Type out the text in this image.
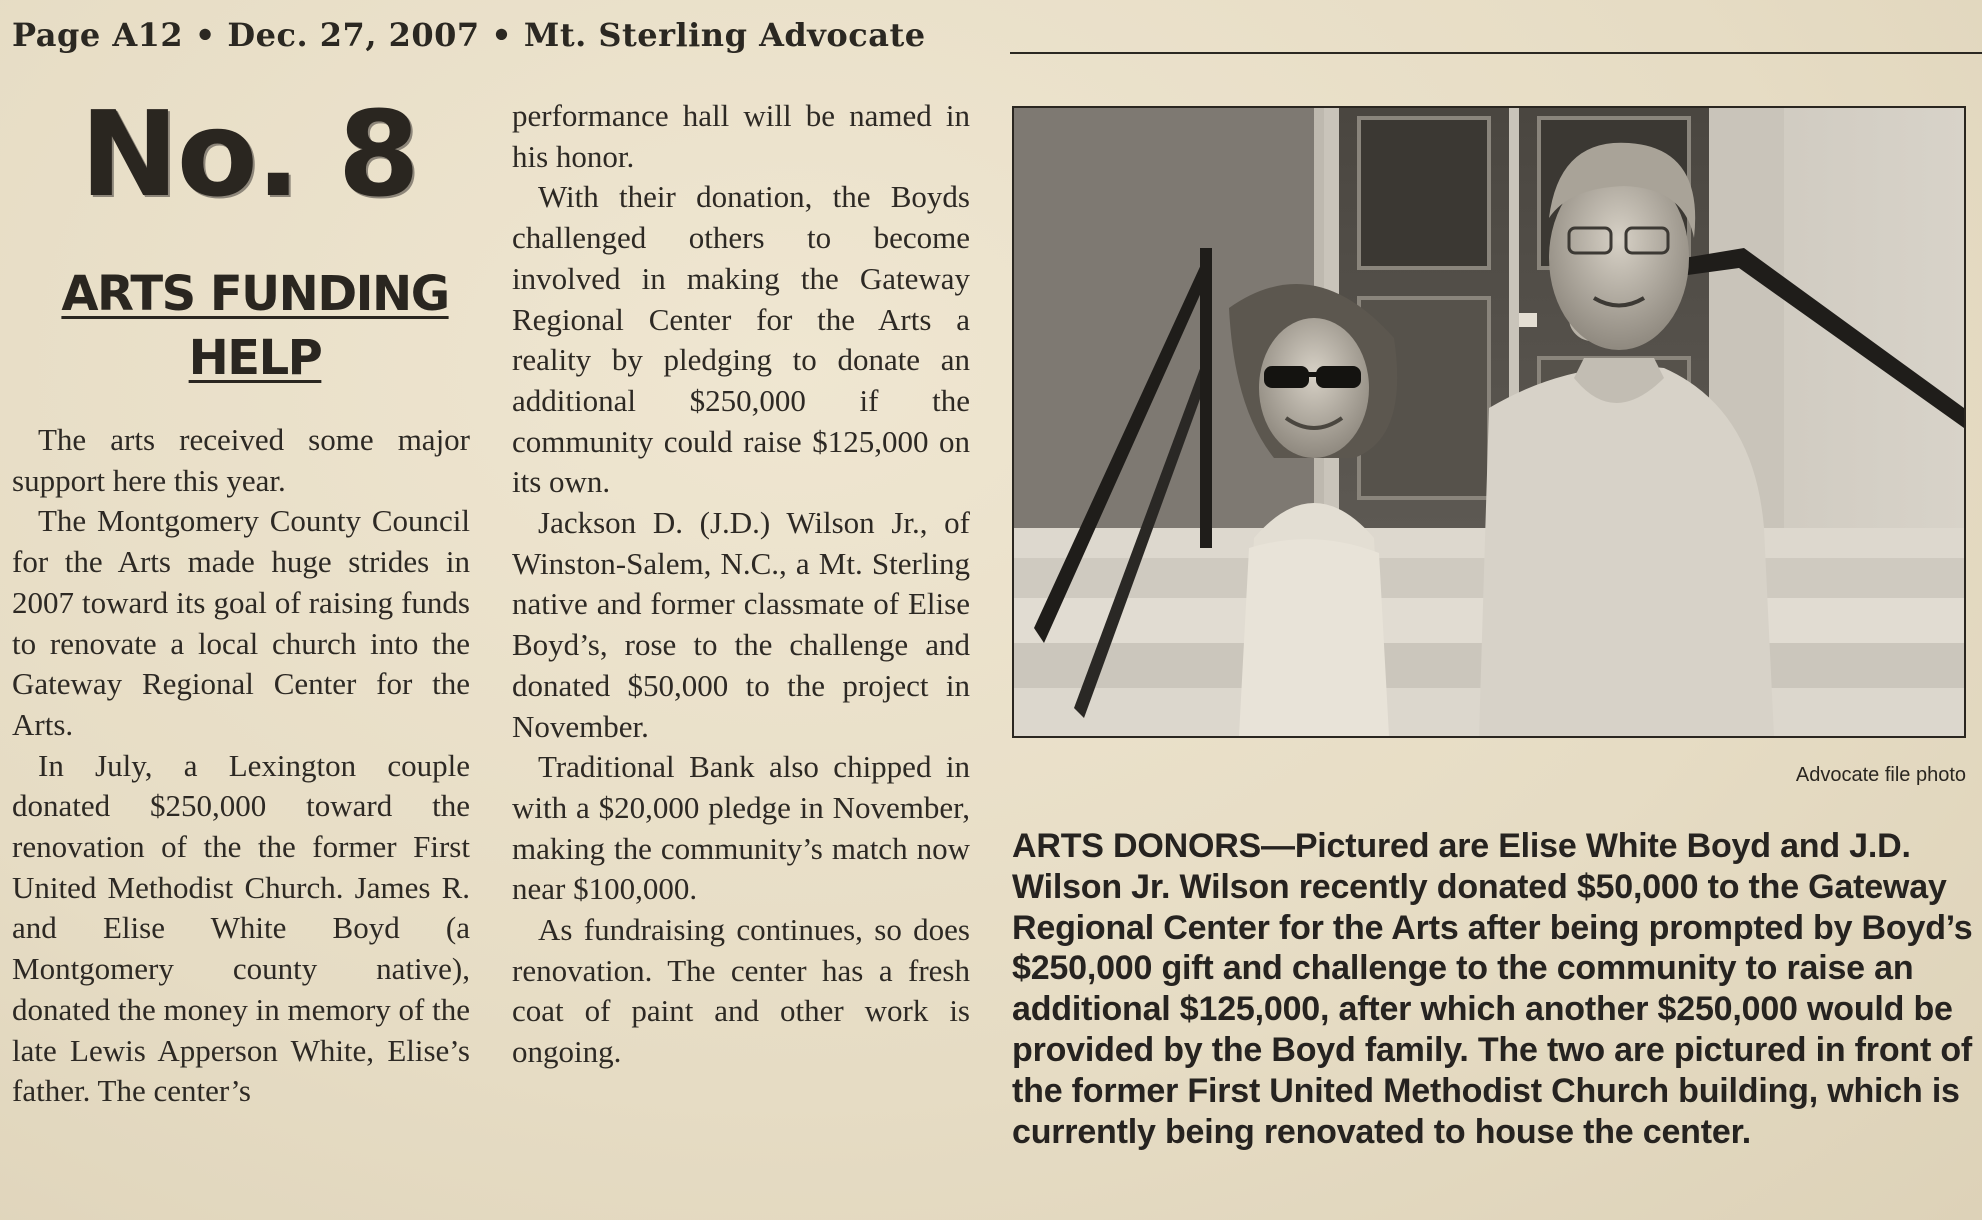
Page A12 • Dec. 27, 2007 • Mt. Sterling Advocate
No. 8
ARTS FUNDING
HELP

The arts received some major support here this year.

The Montgomery County Council for the Arts made huge strides in 2007 toward its goal of raising funds to renovate a local church into the Gateway Regional Center for the Arts.

In July, a Lexington couple donated $250,000 toward the renovation of the the former First United Methodist Church. James R. and Elise White Boyd (a Montgomery county native), donated the money in memory of the late Lewis Apperson White, Elise’s father. The center’s

performance hall will be named in his honor.

With their donation, the Boyds challenged others to become involved in making the Gateway Regional Center for the Arts a reality by pledging to donate an additional $250,000 if the community could raise $125,000 on its own.

Jackson D. (J.D.) Wilson Jr., of Winston-Salem, N.C., a Mt. Sterling native and former classmate of Elise Boyd’s, rose to the challenge and donated $50,000 to the project in November.

Traditional Bank also chipped in with a $20,000 pledge in November, making the community’s match now near $100,000.

As fundraising continues, so does renovation. The center has a fresh coat of paint and other work is ongoing.

Advocate file photo
ARTS DONORS—Pictured are Elise White Boyd and J.D. Wilson Jr. Wilson recently donated $50,000 to the Gateway Regional Center for the Arts after being prompted by Boyd’s $250,000 gift and challenge to the community to raise an additional $125,000, after which another $250,000 would be provided by the Boyd family. The two are pictured in front of the former First United Methodist Church building, which is currently being renovated to house the center.
